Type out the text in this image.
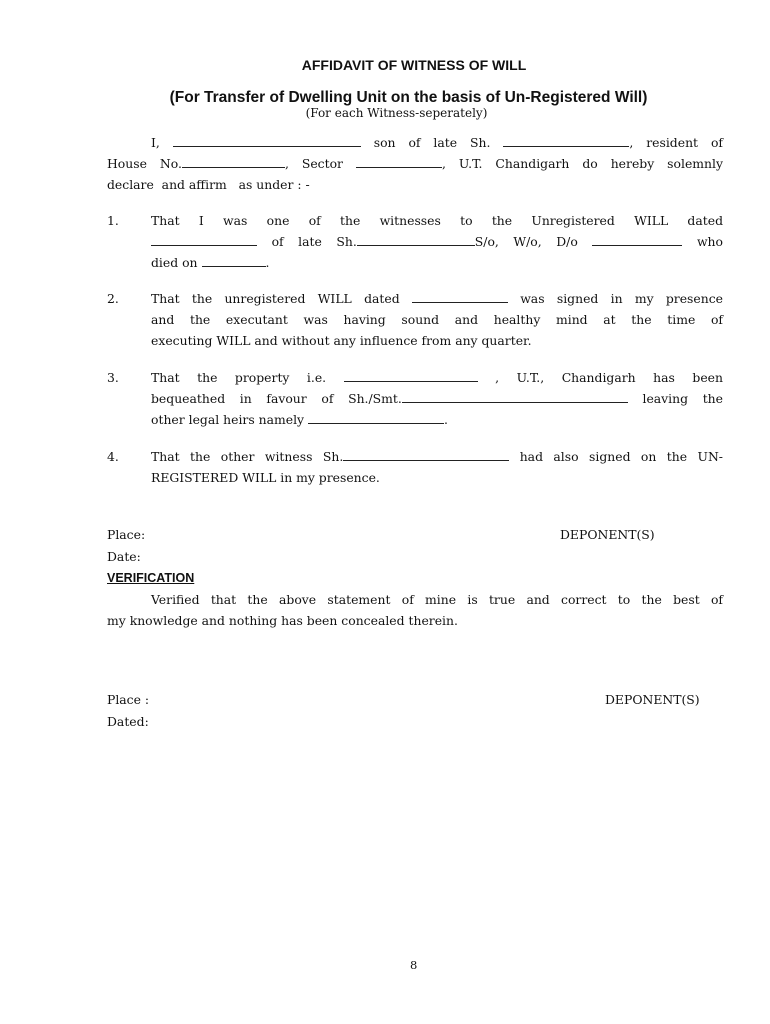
AFFIDAVIT OF WITNESS OF WILL
(For Transfer of Dwelling Unit on the basis of Un-Registered Will)
(For each Witness-seperately)
I,	son of late Sh.	, resident of
House No.	, Sector	, U.T. Chandigarh do hereby solemnly
declare  and affirm   as under : -
1.	That I was one of the witnesses to the Unregistered WILL dated
of late Sh.	S/o, W/o, D/o	who
died on	.
2.	That the unregistered WILL dated	was signed in my presence
and the executant was having sound and healthy mind at the time of
executing WILL and without any influence from any quarter.
3.	That the property i.e.	, U.T., Chandigarh has been
bequeathed in favour of Sh./Smt.	leaving the
other legal heirs namely	.
4.	That the other witness Sh.	had also signed on the UN-
REGISTERED WILL in my presence.
Place:	DEPONENT(S)
Date:
VERIFICATION
Verified that the above statement of mine is true and correct to the best of
my knowledge and nothing has been concealed therein.
Place :	DEPONENT(S)
Dated:
8
